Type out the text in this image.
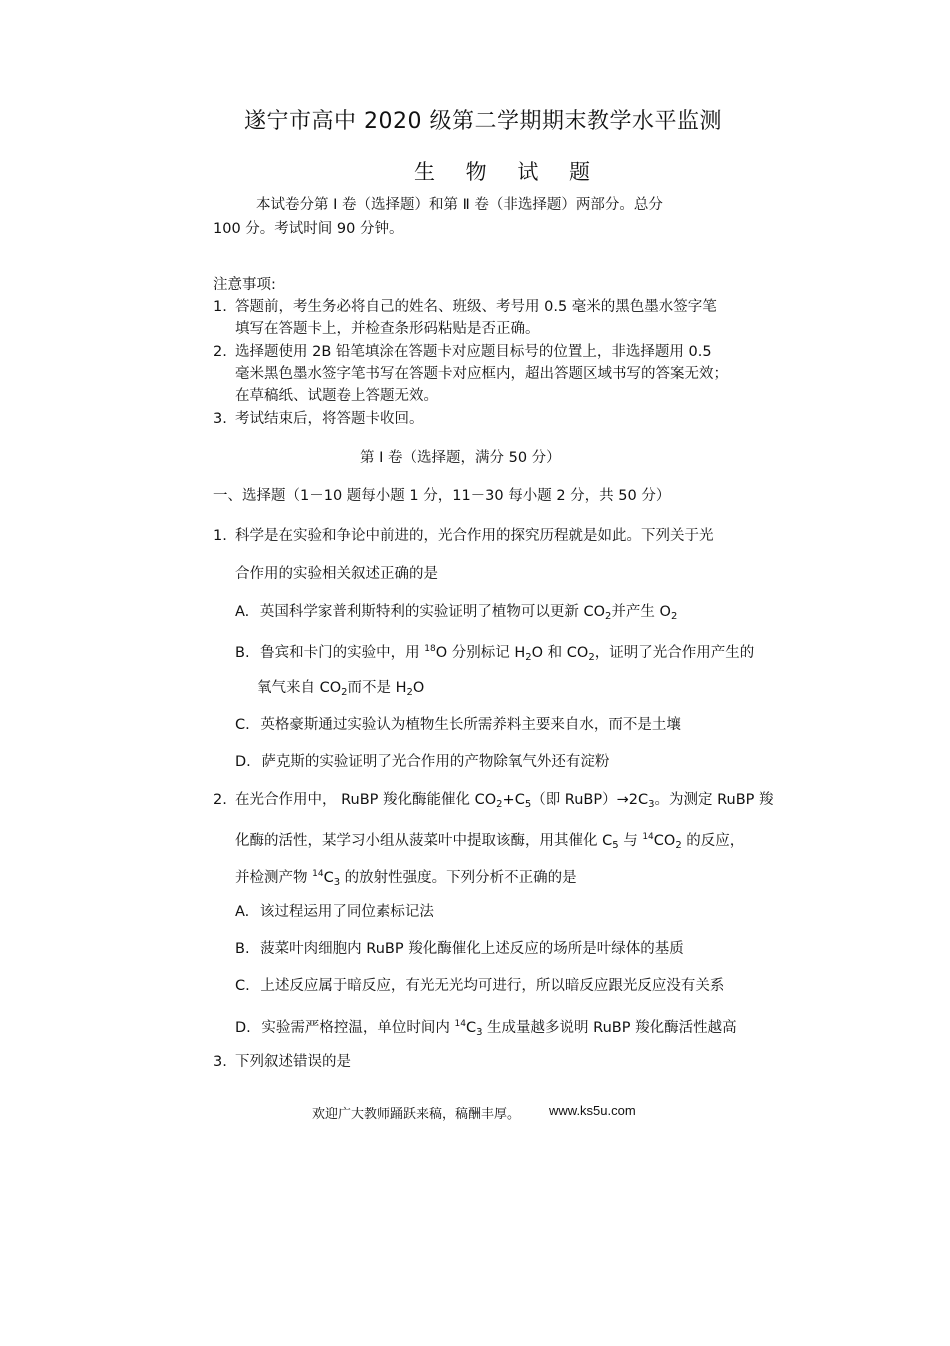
遂宁市高中 2020 级第二学期期末教学水平监测
生 物 试 题
本试卷分第 Ⅰ 卷（选择题）和第 Ⅱ 卷（非选择题）两部分。总分
100 分。考试时间 90 分钟。
注意事项:
1. 答题前，考生务必将自己的姓名、班级、考号用 0.5 毫米的黑色墨水签字笔
填写在答题卡上，并检查条形码粘贴是否正确。
2. 选择题使用 2B 铅笔填涂在答题卡对应题目标号的位置上，非选择题用 0.5
毫米黑色墨水签字笔书写在答题卡对应框内，超出答题区域书写的答案无效；
在草稿纸、试题卷上答题无效。
3. 考试结束后，将答题卡收回。
第 I 卷（选择题，满分 50 分）
一、选择题（1－10 题每小题 1 分，11－30 每小题 2 分，共 50 分）
1. 科学是在实验和争论中前进的，光合作用的探究历程就是如此。下列关于光
合作用的实验相关叙述正确的是
A. 英国科学家普利斯特利的实验证明了植物可以更新 $CO_2$并产生 $O_2$
B. 鲁宾和卡门的实验中，用 $^{18}$O 分别标记 $H_2O$ 和 $CO_2$，证明了光合作用产生的
氧气来自 $CO_2$而不是 $H_2O$
C. 英格豪斯通过实验认为植物生长所需养料主要来自水，而不是土壤
D. 萨克斯的实验证明了光合作用的产物除氧气外还有淀粉
2. 在光合作用中， RuBP 羧化酶能催化 $CO_2+C_5$（即 $RuBP)\to 2C_3$。为测定 RuBP 羧
化酶的活性，某学习小组从菠菜叶中提取该酶，用其催化 $C_5$ 与 $^{14}CO_2$ 的反应，
并检测产物 $^{14}C_3$ 的放射性强度。下列分析不正确的是
A. 该过程运用了同位素标记法
B. 菠菜叶肉细胞内 RuBP 羧化酶催化上述反应的场所是叶绿体的基质
C. 上述反应属于暗反应，有光无光均可进行，所以暗反应跟光反应没有关系
D. 实验需严格控温，单位时间内 $^{14}C_3$ 生成量越多说明 RuBP 羧化酶活性越高
3. 下列叙述错误的是
欢迎广大教师踊跃来稿，稿酬丰厚。 www.ks5u.com
